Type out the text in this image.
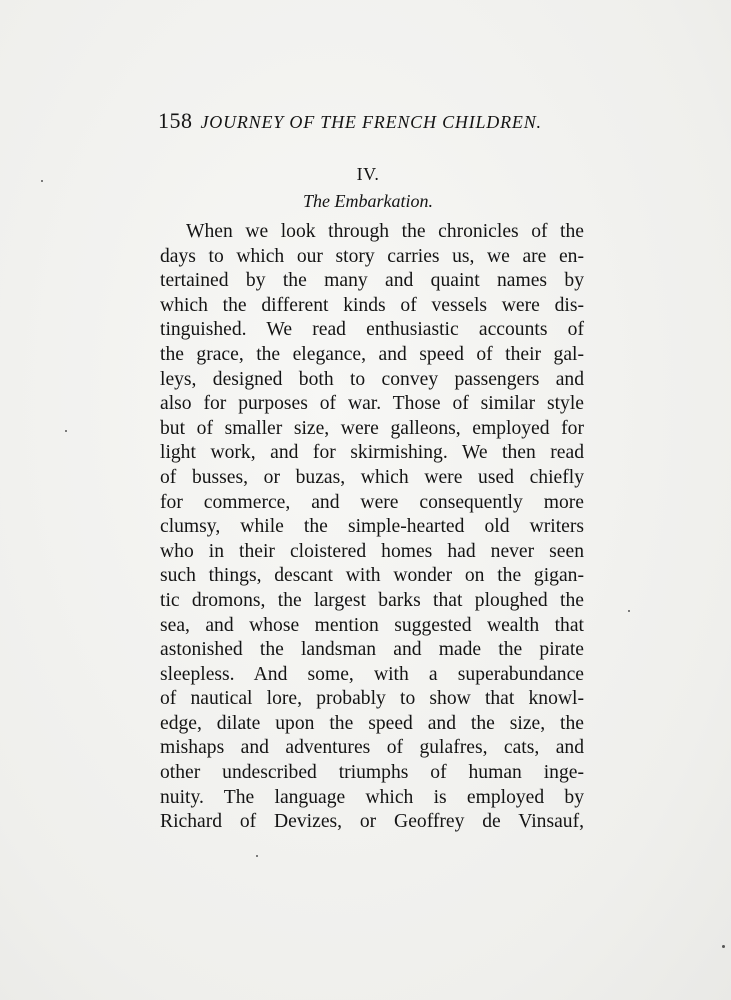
158 JOURNEY OF THE FRENCH CHILDREN.
IV.
The Embarkation.
When we look through the chronicles of the
days to which our story carries us, we are en-
tertained by the many and quaint names by
which the different kinds of vessels were dis-
tinguished. We read enthusiastic accounts of
the grace, the elegance, and speed of their gal-
leys, designed both to convey passengers and
also for purposes of war. Those of similar style
but of smaller size, were galleons, employed for
light work, and for skirmishing. We then read
of busses, or buzas, which were used chiefly
for commerce, and were consequently more
clumsy, while the simple-hearted old writers
who in their cloistered homes had never seen
such things, descant with wonder on the gigan-
tic dromons, the largest barks that ploughed the
sea, and whose mention suggested wealth that
astonished the landsman and made the pirate
sleepless. And some, with a superabundance
of nautical lore, probably to show that knowl-
edge, dilate upon the speed and the size, the
mishaps and adventures of gulafres, cats, and
other undescribed triumphs of human inge-
nuity. The language which is employed by
Richard of Devizes, or Geoffrey de Vinsauf,
